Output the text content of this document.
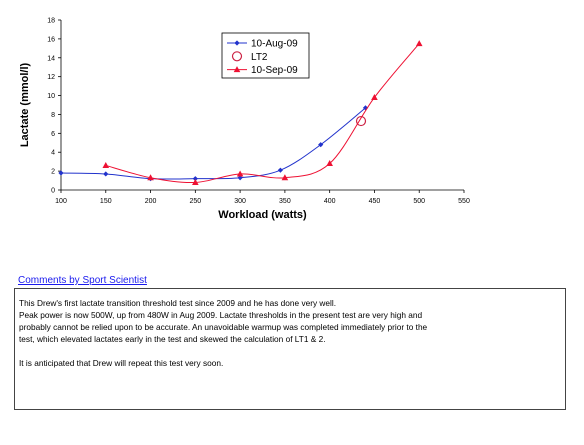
0
2
4
6
8
10
12
14
16
18
100	150	200	250	300	350	400	450	500	550
10-Aug-09
LT2
10-Sep-09
Workload (watts)
Lactate (mmol/l)
Comments by Sport Scientist

This Drew's first lactate transition threshold test since 2009 and he has done very well.

Peak power is now 500W, up from 480W in Aug 2009. Lactate thresholds in the present test are very high and

probably cannot be relied upon to be accurate. An unavoidable warmup was completed immediately prior to the

test, which elevated lactates early in the test and skewed the calculation of LT1 & 2.

It is anticipated that Drew will repeat this test very soon.
